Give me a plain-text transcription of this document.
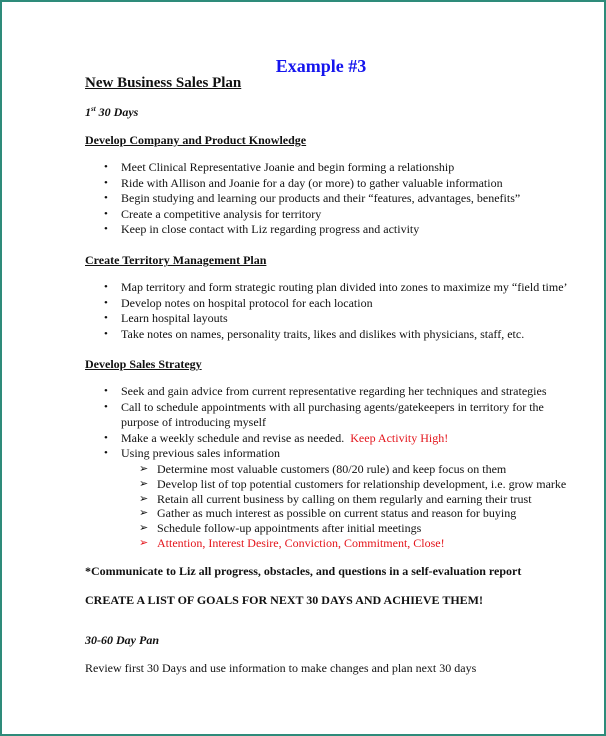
Example #3
New Business Sales Plan
1st 30 Days
Develop Company and Product Knowledge
• Meet Clinical Representative Joanie and begin forming a relationship
• Ride with Allison and Joanie for a day (or more) to gather valuable information
• Begin studying and learning our products and their “features, advantages, benefits”
• Create a competitive analysis for territory
• Keep in close contact with Liz regarding progress and activity
Create Territory Management Plan
• Map territory and form strategic routing plan divided into zones to maximize my “field time’
• Develop notes on hospital protocol for each location
• Learn hospital layouts
• Take notes on names, personality traits, likes and dislikes with physicians, staff, etc.
Develop Sales Strategy
• Seek and gain advice from current representative regarding her techniques and strategies
• Call to schedule appointments with all purchasing agents/gatekeepers in territory for the purpose of introducing myself
• Make a weekly schedule and revise as needed. Keep Activity High!
• Using previous sales information
➢ Determine most valuable customers (80/20 rule) and keep focus on them
➢ Develop list of top potential customers for relationship development, i.e. grow marke
➢ Retain all current business by calling on them regularly and earning their trust
➢ Gather as much interest as possible on current status and reason for buying
➢ Schedule follow-up appointments after initial meetings
➢ Attention, Interest Desire, Conviction, Commitment, Close!
*Communicate to Liz all progress, obstacles, and questions in a self-evaluation report
CREATE A LIST OF GOALS FOR NEXT 30 DAYS AND ACHIEVE THEM!
30-60 Day Pan
Review first 30 Days and use information to make changes and plan next 30 days
